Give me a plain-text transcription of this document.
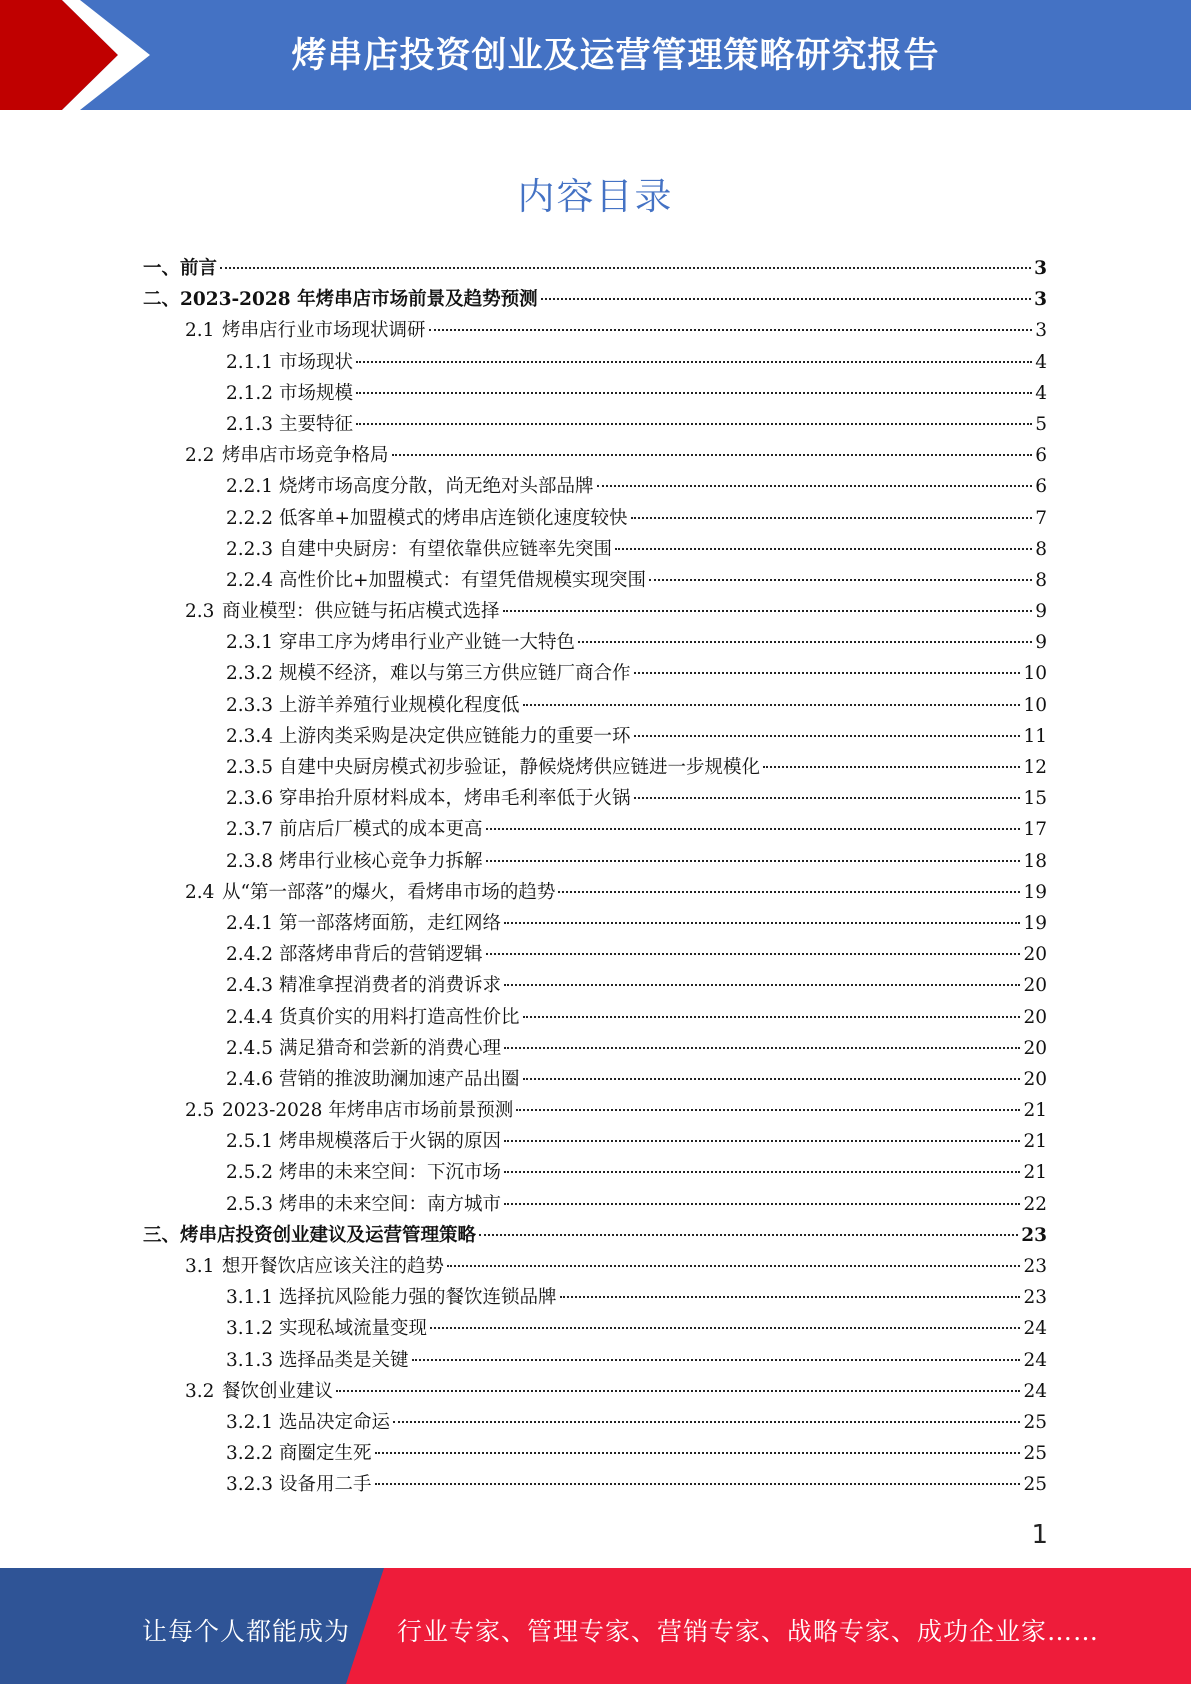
烤串店投资创业及运营管理策略研究报告
内容目录
一、 前言	3
二、 2023-2028 年烤串店市场前景及趋势预测	3
2.1 烤串店行业市场现状调研	3
2.1.1 市场现状	4
2.1.2 市场规模	4
2.1.3 主要特征	5
2.2 烤串店市场竞争格局	6
2.2.1 烧烤市场高度分散，尚无绝对头部品牌	6
2.2.2 低客单+加盟模式的烤串店连锁化速度较快	7
2.2.3 自建中央厨房：有望依靠供应链率先突围	8
2.2.4 高性价比+加盟模式：有望凭借规模实现突围	8
2.3 商业模型：供应链与拓店模式选择	9
2.3.1 穿串工序为烤串行业产业链一大特色	9
2.3.2 规模不经济，难以与第三方供应链厂商合作	10
2.3.3 上游羊养殖行业规模化程度低	10
2.3.4 上游肉类采购是决定供应链能力的重要一环	11
2.3.5 自建中央厨房模式初步验证，静候烧烤供应链进一步规模化	12
2.3.6 穿串抬升原材料成本，烤串毛利率低于火锅	15
2.3.7 前店后厂模式的成本更高	17
2.3.8 烤串行业核心竞争力拆解	18
2.4 从“第一部落”的爆火，看烤串市场的趋势	19
2.4.1 第一部落烤面筋，走红网络	19
2.4.2 部落烤串背后的营销逻辑	20
2.4.3 精准拿捏消费者的消费诉求	20
2.4.4 货真价实的用料打造高性价比	20
2.4.5 满足猎奇和尝新的消费心理	20
2.4.6 营销的推波助澜加速产品出圈	20
2.5 2023-2028 年烤串店市场前景预测	21
2.5.1 烤串规模落后于火锅的原因	21
2.5.2 烤串的未来空间：下沉市场	21
2.5.3 烤串的未来空间：南方城市	22
三、 烤串店投资创业建议及运营管理策略	23
3.1 想开餐饮店应该关注的趋势	23
3.1.1 选择抗风险能力强的餐饮连锁品牌	23
3.1.2 实现私域流量变现	24
3.1.3 选择品类是关键	24
3.2 餐饮创业建议	24
3.2.1 选品决定命运	25
3.2.2 商圈定生死	25
3.2.3 设备用二手	25
1
让每个人都能成为 行业专家、管理专家、营销专家、战略专家、成功企业家……
